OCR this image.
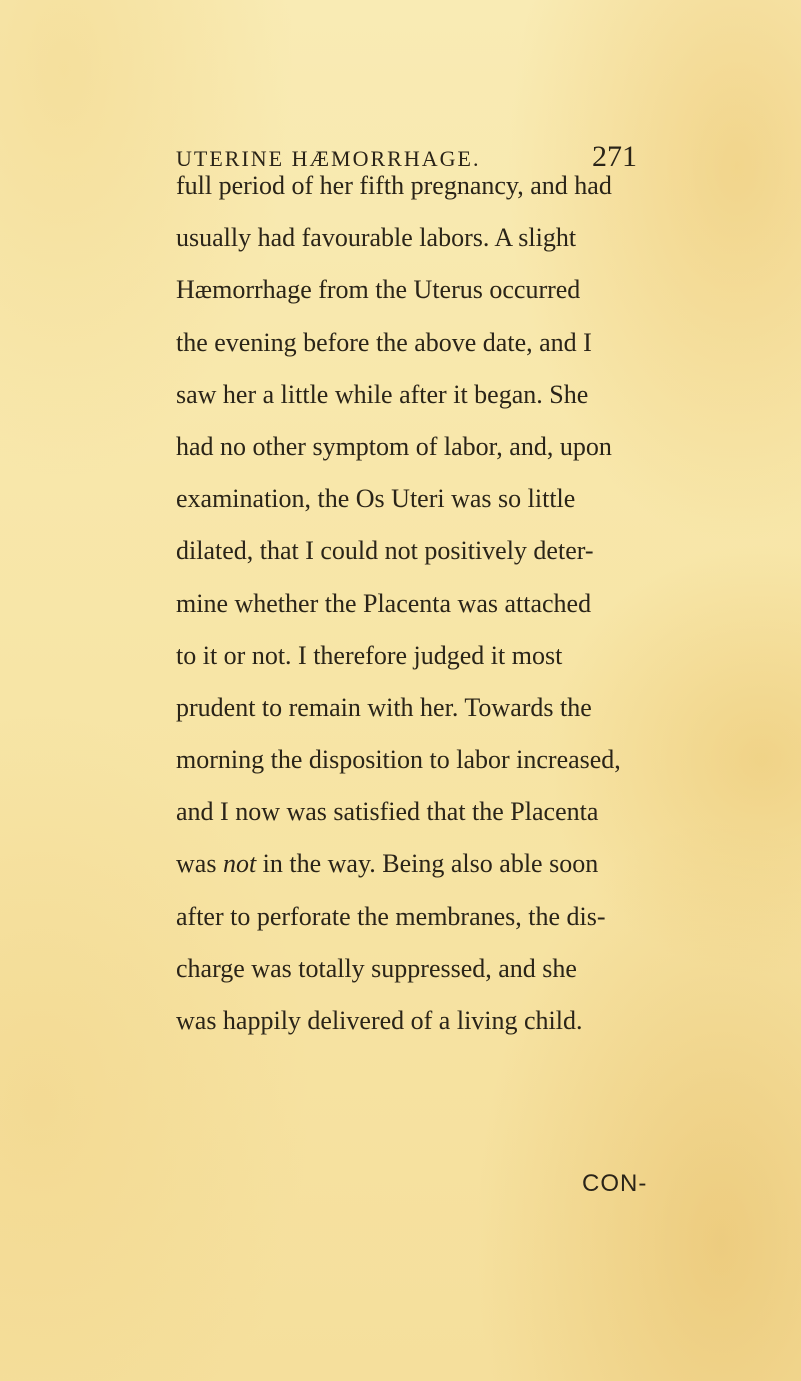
UTERINE HÆMORRHAGE.	271
full period of her fifth pregnancy, and had
usually had favourable labors. A slight
Hæmorrhage from the Uterus occurred
the evening before the above date, and I
saw her a little while after it began. She
had no other symptom of labor, and, upon
examination, the Os Uteri was so little
dilated, that I could not positively deter-
mine whether the Placenta was attached
to it or not. I therefore judged it most
prudent to remain with her. Towards the
morning the disposition to labor increased,
and I now was satisfied that the Placenta
was not in the way. Being also able soon
after to perforate the membranes, the dis-
charge was totally suppressed, and she
was happily delivered of a living child.
CON-
